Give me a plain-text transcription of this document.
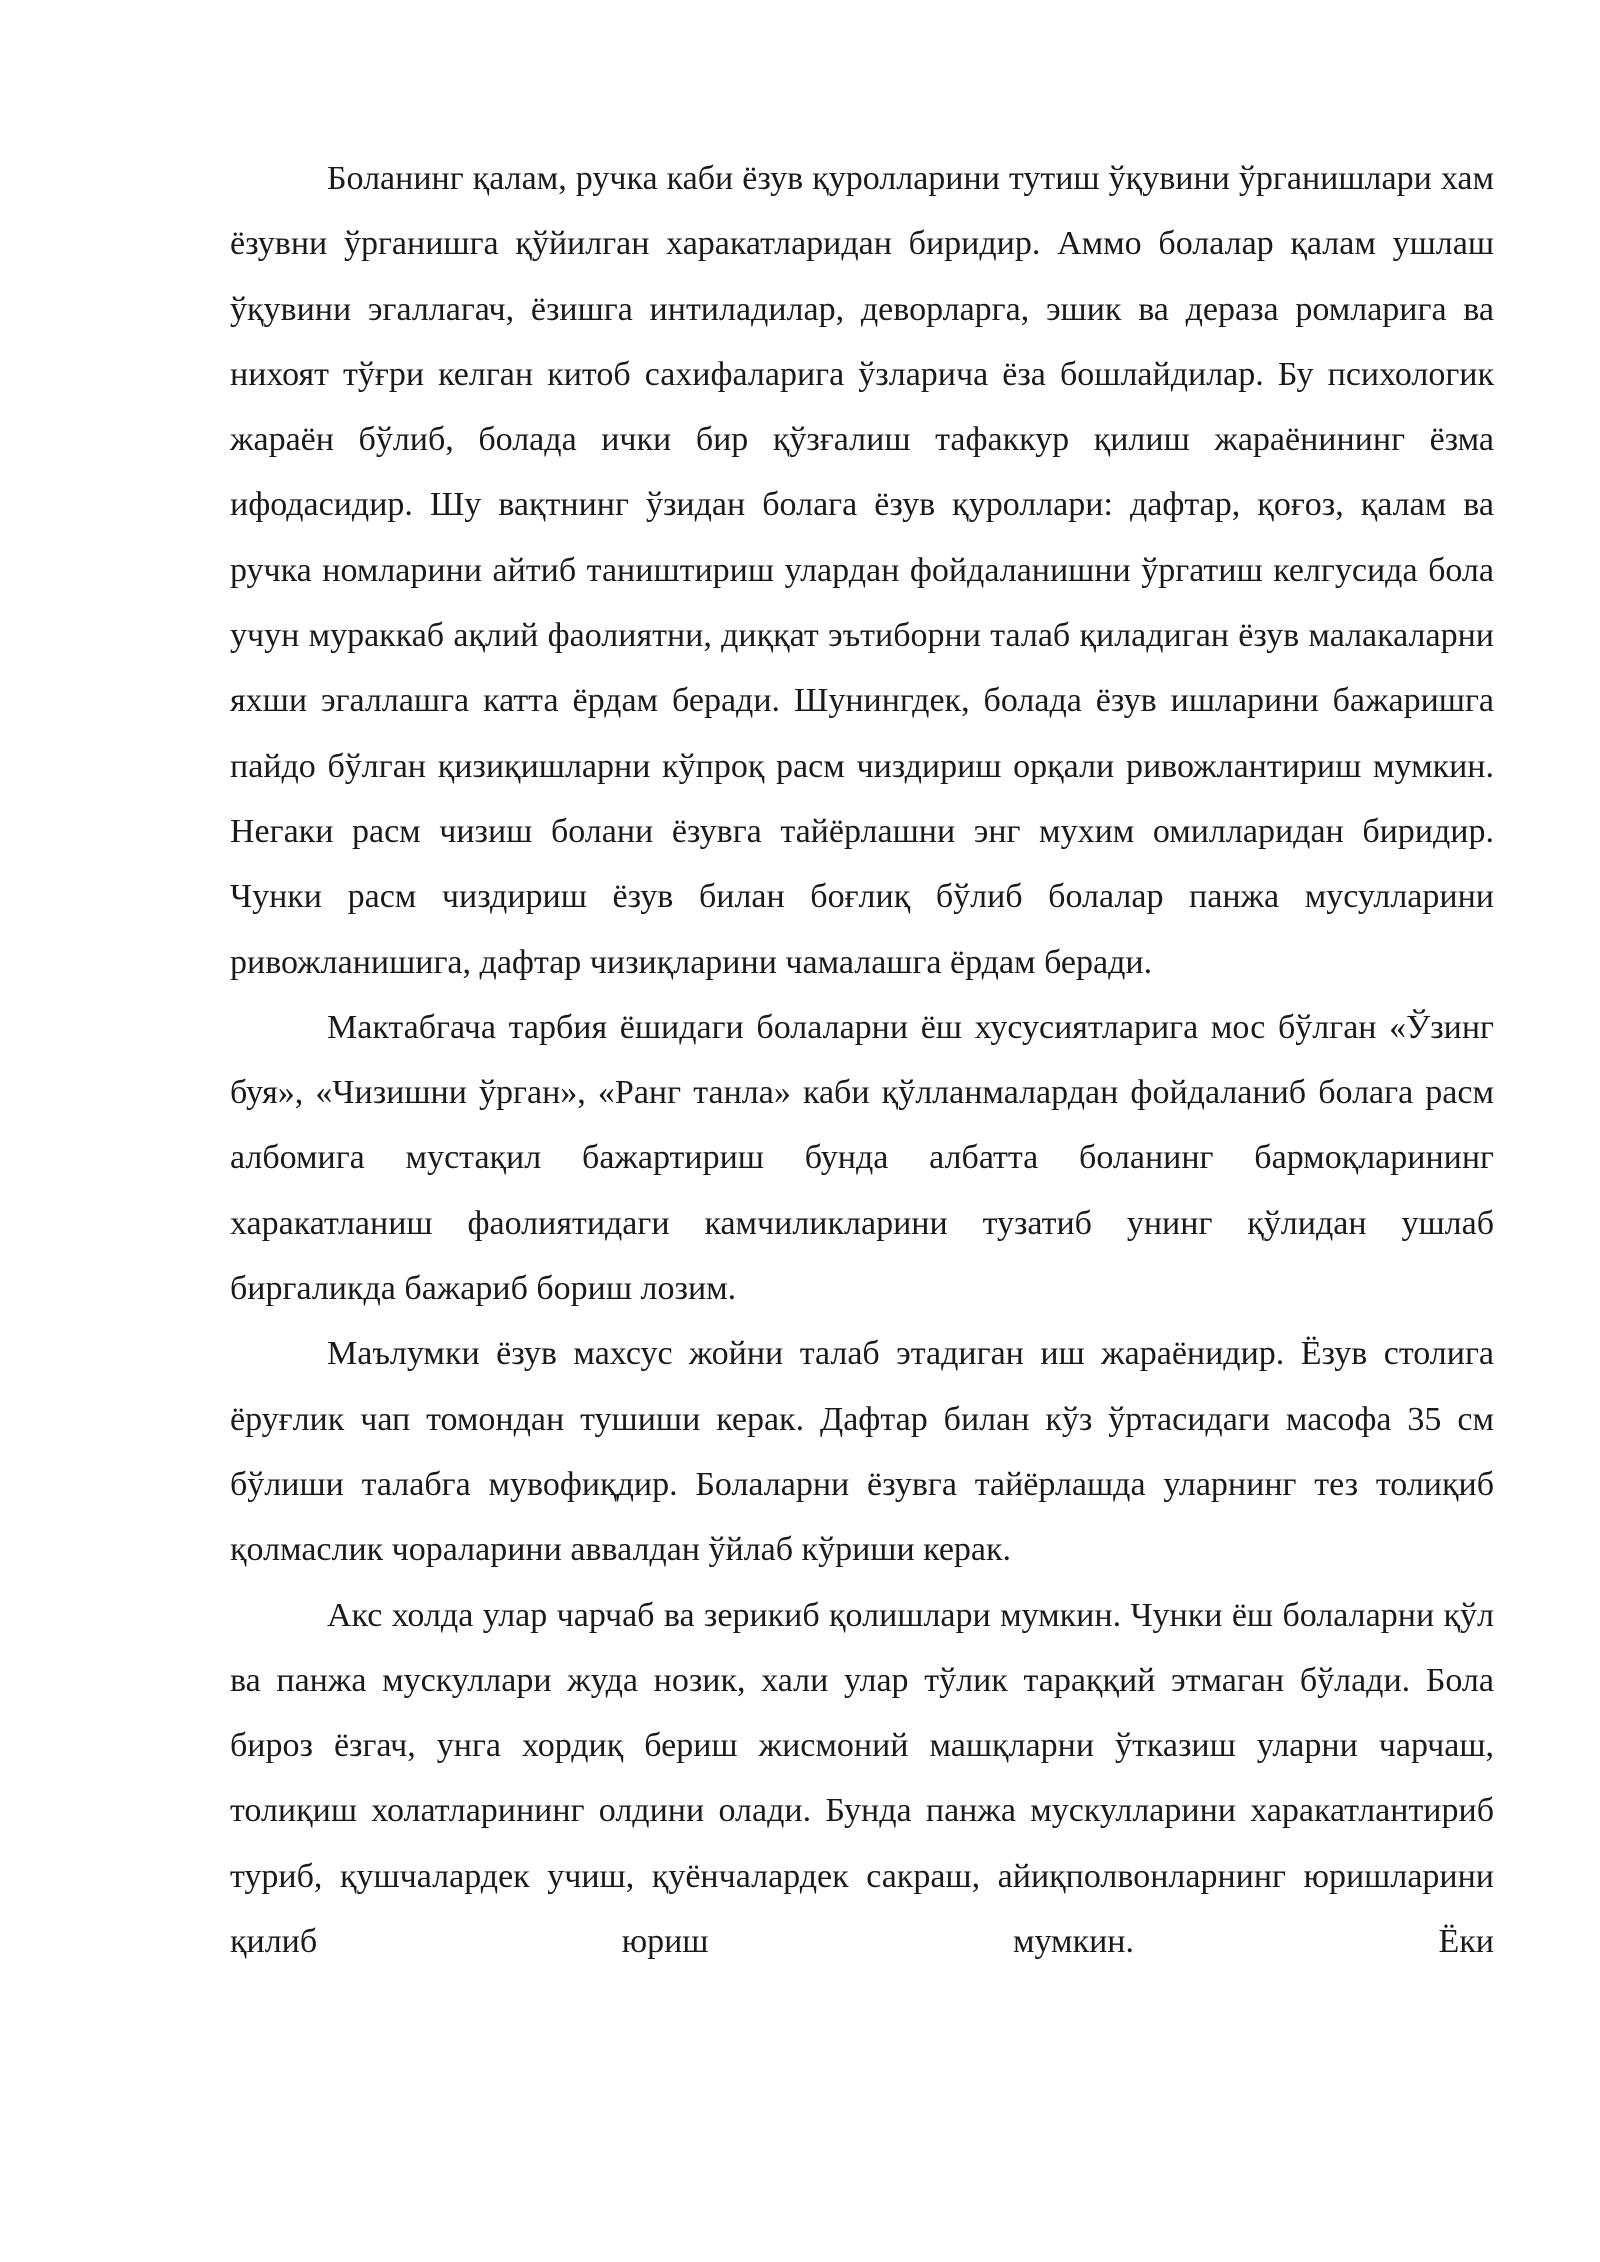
Боланинг қалам, ручка каби ёзув қуролларини тутиш ўқувини ўрганишлари хам ёзувни ўрганишга қўйилган харакатларидан биридир. Аммо болалар қалам ушлаш ўқувини эгаллагач, ёзишга интиладилар, деворларга, эшик ва дераза ромларига ва нихоят тўғри келган китоб сахифаларига ўзларича ёза бошлайдилар. Бу психологик жараён бўлиб, болада ички бир қўзғалиш тафаккур қилиш жараёнининг ёзма ифодасидир. Шу вақтнинг ўзидан болага ёзув қуроллари: дафтар, қоғоз, қалам ва ручка номларини айтиб таништириш улардан фойдаланишни ўргатиш келгусида бола учун мураккаб ақлий фаолиятни, диққат эътиборни талаб қиладиган ёзув малакаларни яхши эгаллашга катта ёрдам беради. Шунингдек, болада ёзув ишларини бажаришга пайдо бўлган қизиқишларни кўпроқ расм чиздириш орқали ривожлантириш мумкин. Негаки расм чизиш болани ёзувга тайёрлашни энг мухим омилларидан биридир. Чунки расм чиздириш ёзув билан боғлиқ бўлиб болалар панжа мусулларини ривожланишига, дафтар чизиқларини чамалашга ёрдам беради.

Мактабгача тарбия ёшидаги болаларни ёш хусусиятларига мос бўлган «Ўзинг буя», «Чизишни ўрган», «Ранг танла» каби қўлланмалардан фойдаланиб болага расм албомига мустақил бажартириш бунда албатта боланинг бармоқларининг харакатланиш фаолиятидаги камчиликларини тузатиб унинг қўлидан ушлаб биргаликда бажариб бориш лозим.

Маълумки ёзув махсус жойни талаб этадиган иш жараёнидир. Ёзув столига ёруғлик чап томондан тушиши керак. Дафтар билан кўз ўртасидаги масофа 35 см бўлиши талабга мувофиқдир. Болаларни ёзувга тайёрлашда уларнинг тез толиқиб қолмаслик чораларини аввалдан ўйлаб кўриши керак.

Акс холда улар чарчаб ва зерикиб қолишлари мумкин. Чунки ёш болаларни қўл ва панжа мускуллари жуда нозик, хали улар тўлик тараққий этмаган бўлади. Бола бироз ёзгач, унга хордиқ бериш жисмоний машқларни ўтказиш уларни чарчаш, толиқиш холатларининг олдини олади. Бунда панжа мускулларини харакатлантириб туриб, қушчалардек учиш, қуёнчалардек сакраш, айиқполвонларнинг юришларини қилиб юриш мумкин. Ёки
